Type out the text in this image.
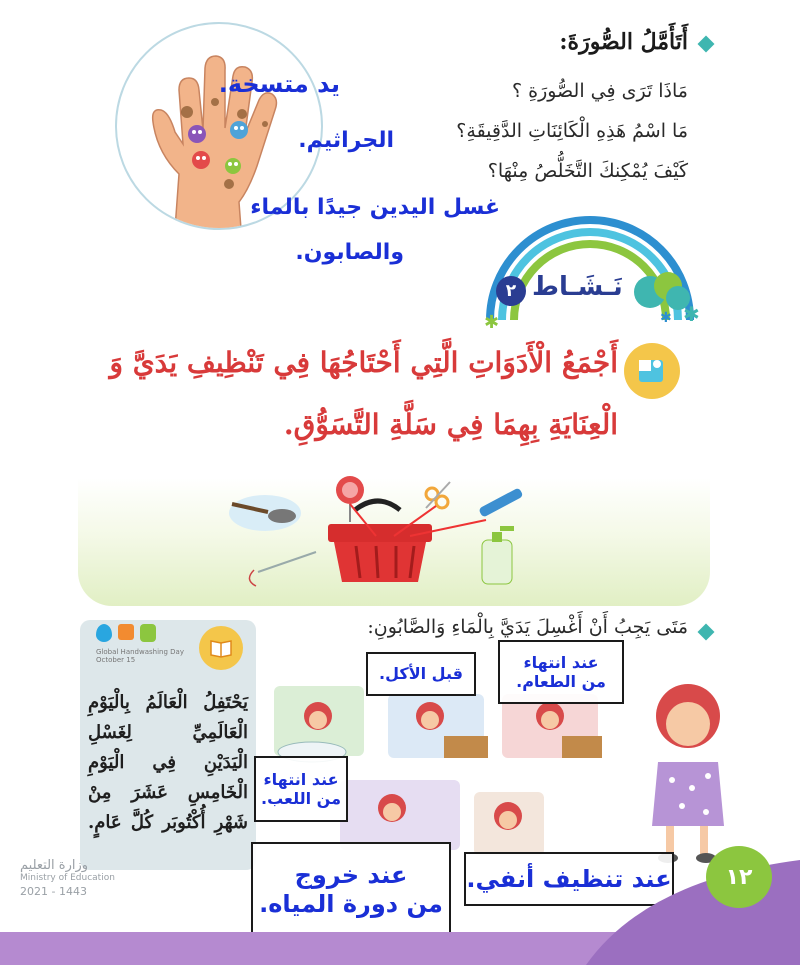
أَتَأَمَّلُ الصُّورَةَ:
مَاذَا تَرَى فِي الصُّورَةِ ؟
يد متسخة.
مَا اسْمُ هَذِهِ الْكَائِنَاتِ الدَّقِيقَةِ؟
الجراثيم.
كَيْفَ يُمْكِنكَ التَّخَلُّصُ مِنْهَا؟
غسل اليدين جيدًا بالماء
والصابون.
✱	✱
✱
نَـشَـاط
٢
أَجْمَعُ الْأَدَوَاتِ الَّتِي أَحْتَاجُهَا فِي تَنْظِيفِ يَدَيَّ وَ
الْعِنَايَةِ بِهِمَا فِي سَلَّةِ التَّسَوُّقِ.
مَتَى يَجِبُ أَنْ أَغْسِلَ يَدَيَّ بِالْمَاءِ وَالصَّابُونِ:
Global Handwashing Day
October 15
يَحْتَفِلُ الْعَالَمُ بِالْيَوْمِ
الْعَالَمِيِّ لِغَسْلِ
الْيَدَيْنِ فِي الْيَوْمِ
الْخَامِسِ عَشَرَ مِنْ
شَهْرِ أُكْتُوبَر كُلَّ عَامٍ.
قبل الأكل.
عند انتهاء
من الطعام.
عند انتهاء
من اللعب.
عند خروج
من دورة المياه.
عند تنظيف أنفي. ١٢
وزارة التعليم
Ministry of Education
2021 - 1443
